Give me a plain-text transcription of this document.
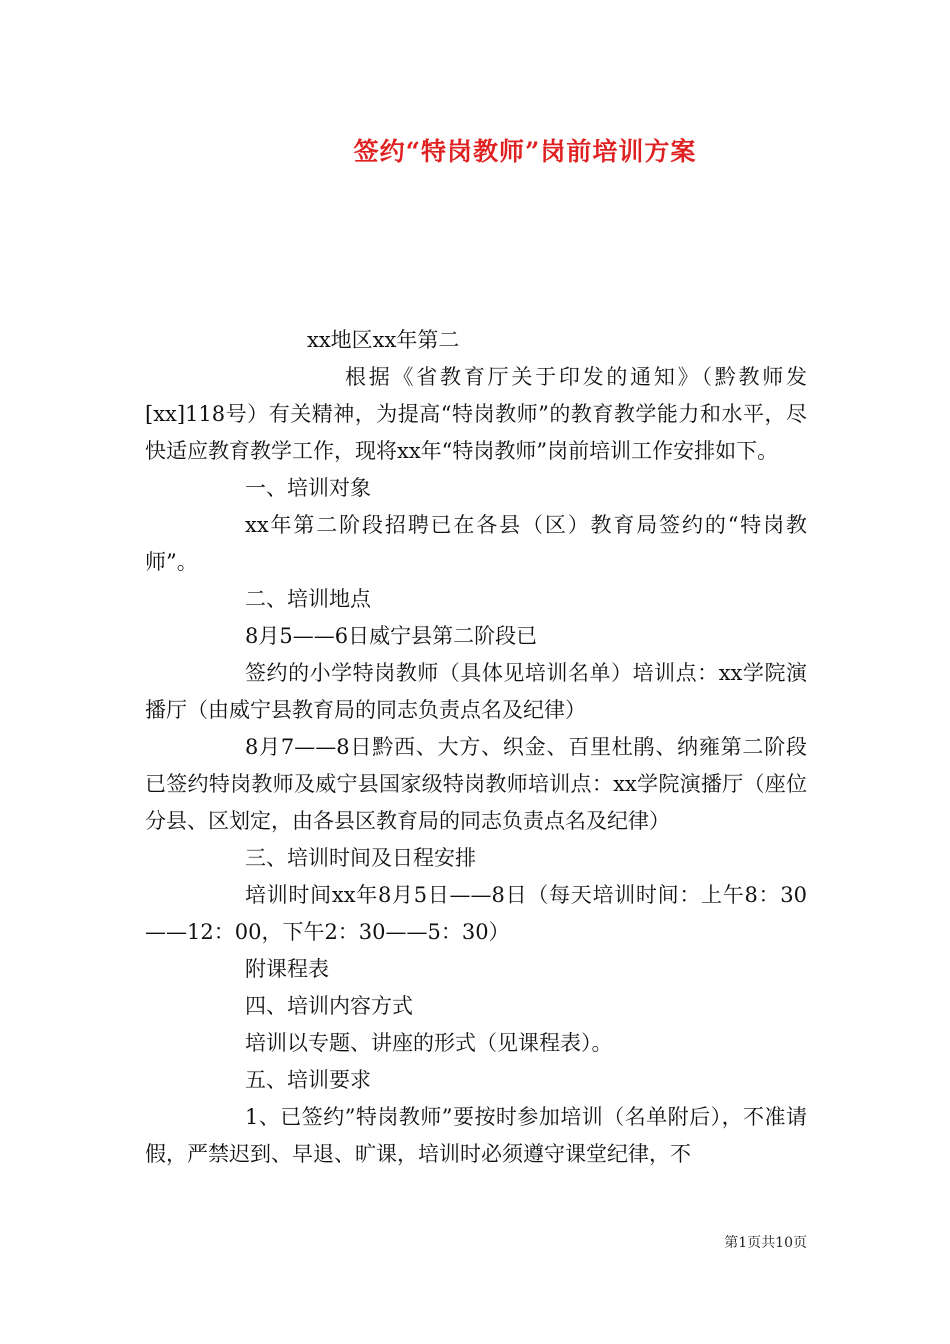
签约“特岗教师”岗前培训方案

xx地区xx年第二

根据《省教育厅关于印发的通知》（黔教师发[xx]118号）有关精神，为提高“特岗教师”的教育教学能力和水平，尽快适应教育教学工作，现将xx年“特岗教师”岗前培训工作安排如下。

一、培训对象

xx年第二阶段招聘已在各县（区）教育局签约的“特岗教师”。

二、培训地点

8月5——6日威宁县第二阶段已

签约的小学特岗教师（具体见培训名单）培训点：xx学院演播厅（由威宁县教育局的同志负责点名及纪律）

8月7——8日黔西、大方、织金、百里杜鹃、纳雍第二阶段已签约特岗教师及威宁县国家级特岗教师培训点：xx学院演播厅（座位分县、区划定，由各县区教育局的同志负责点名及纪律）

三、培训时间及日程安排

培训时间xx年8月5日——8日（每天培训时间：上午8：30——12：00，下午2：30——5：30）

附课程表

四、培训内容方式

培训以专题、讲座的形式（见课程表）。

五、培训要求

1、已签约”特岗教师”要按时参加培训（名单附后），不准请假，严禁迟到、早退、旷课，培训时必须遵守课堂纪律，不

第1页共10页
